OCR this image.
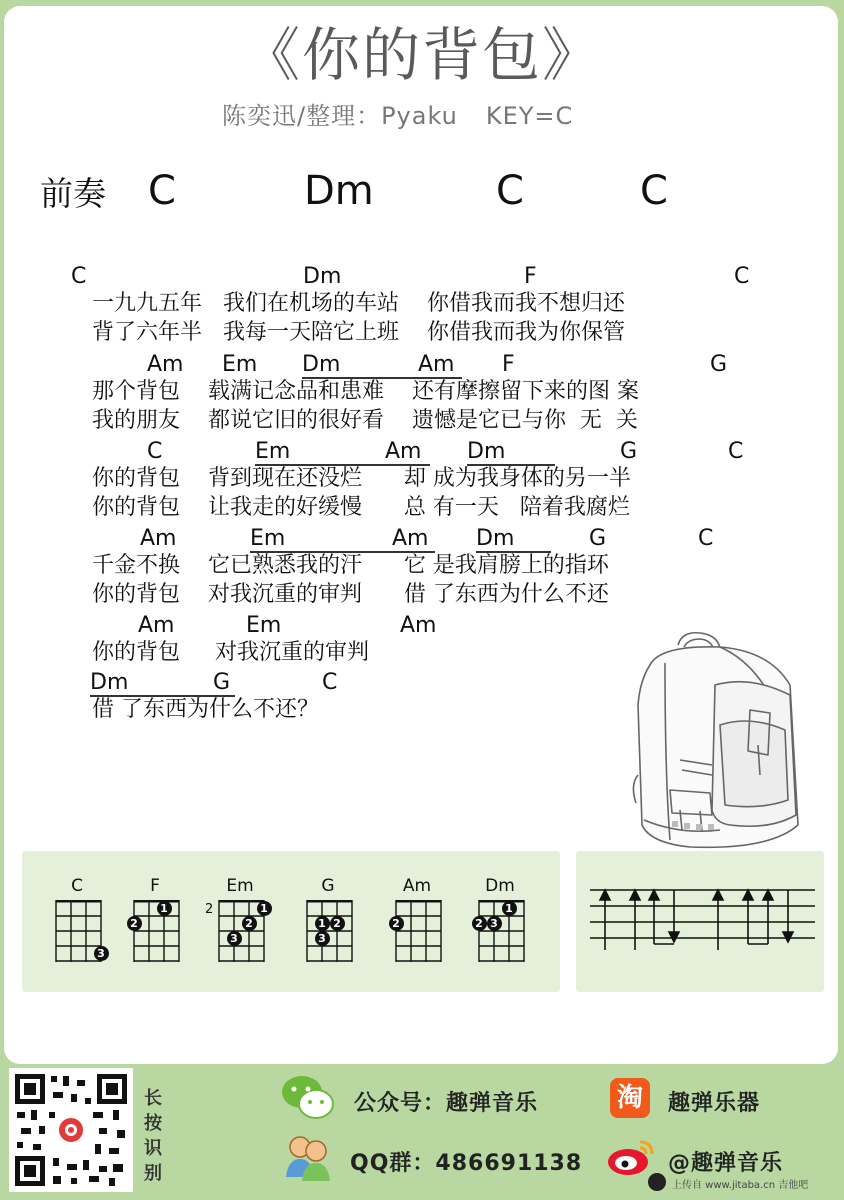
《你的背包》
陈奕迅/整理：Pyaku KEY=C
前奏 C	Dm	C	C
C	Dm	F	C
一九九五年   我们在机场的车站    你借我而我不想归还
背了六年半   我每一天陪它上班    你借我而我为你保管
Am Em Dm	Am F	G
那个背包    载满记念品和患难    还有摩擦留下来的图 案
我的朋友    都说它旧的很好看    遗憾是它已与你  无  关
C	Em	Am Dm	G	C
你的背包    背到现在还没烂      却 成为我身体的另一半
你的背包    让我走的好缓慢      总 有一天   陪着我腐烂
Am	Em	Am Dm	G	C
千金不换    它已熟悉我的汗      它 是我肩膀上的指环
你的背包    对我沉重的审判      借 了东西为什么不还
Am	Em	Am
你的背包     对我沉重的审判
Dm	G	C
借 了东西为什么不还？
C
3
F
1
2
Em
2	1
2
3
G
2
1
3
Am
2
Dm
1
3
2
长
按
识
别
公众号：趣弹音乐
QQ群：486691138
淘	趣弹乐器
@趣弹音乐
上传自 www.jitaba.cn 吉他吧
